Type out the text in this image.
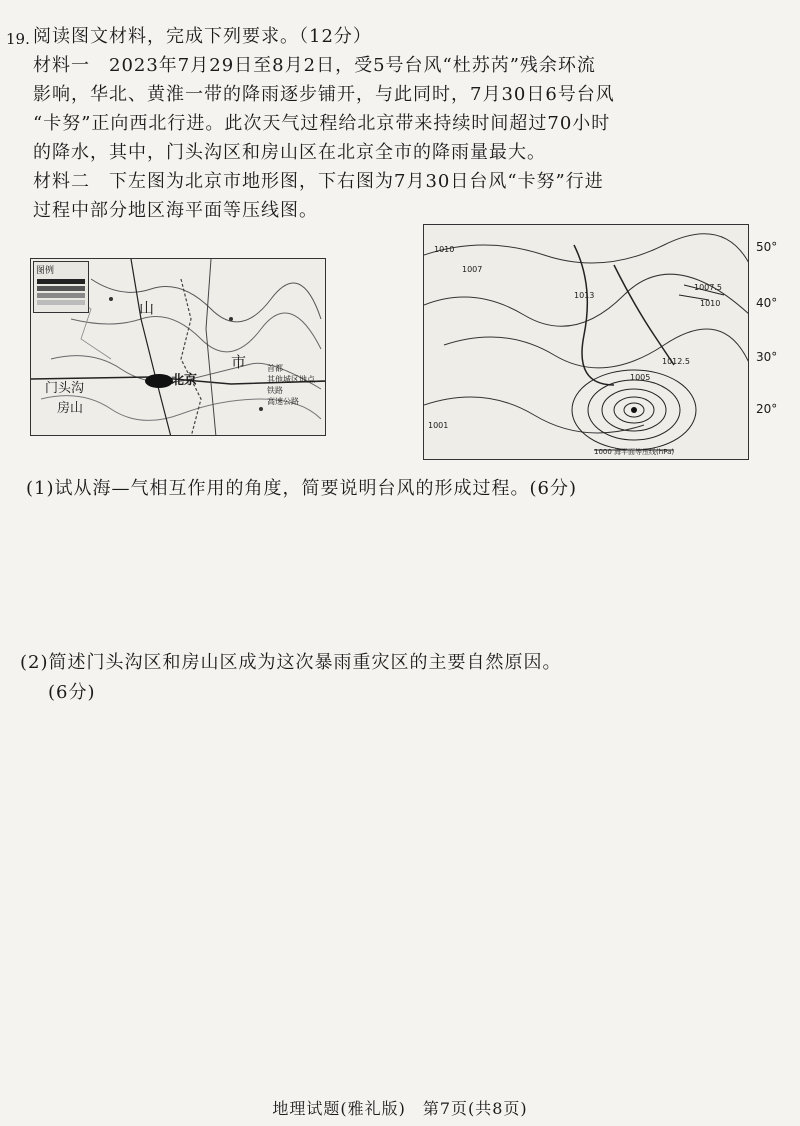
19. 阅读图文材料，完成下列要求。（12分）
材料一　2023年7月29日至8月2日，受5号台风“杜苏芮”残余环流
影响，华北、黄淮一带的降雨逐步铺开，与此同时，7月30日6号台风
“卡努”正向西北行进。此次天气过程给北京带来持续时间超过70小时
的降水，其中，门头沟区和房山区在北京全市的降雨量最大。
材料二　下左图为北京市地形图，下右图为7月30日台风“卡努”行进
过程中部分地区海平面等压线图。
图例
山
市
北京
门头沟
房山
首都
其他城区地点
铁路
高速公路
1010
1007
1013
1007.5
1010
1012.5
1005
1001
1000 海平面等压线(hPa)
50°
40°
30°
20°
(1)试从海—气相互作用的角度，简要说明台风的形成过程。(6分)
(2)简述门头沟区和房山区成为这次暴雨重灾区的主要自然原因。
(6分)
地理试题(雅礼版)　第7页(共8页)
